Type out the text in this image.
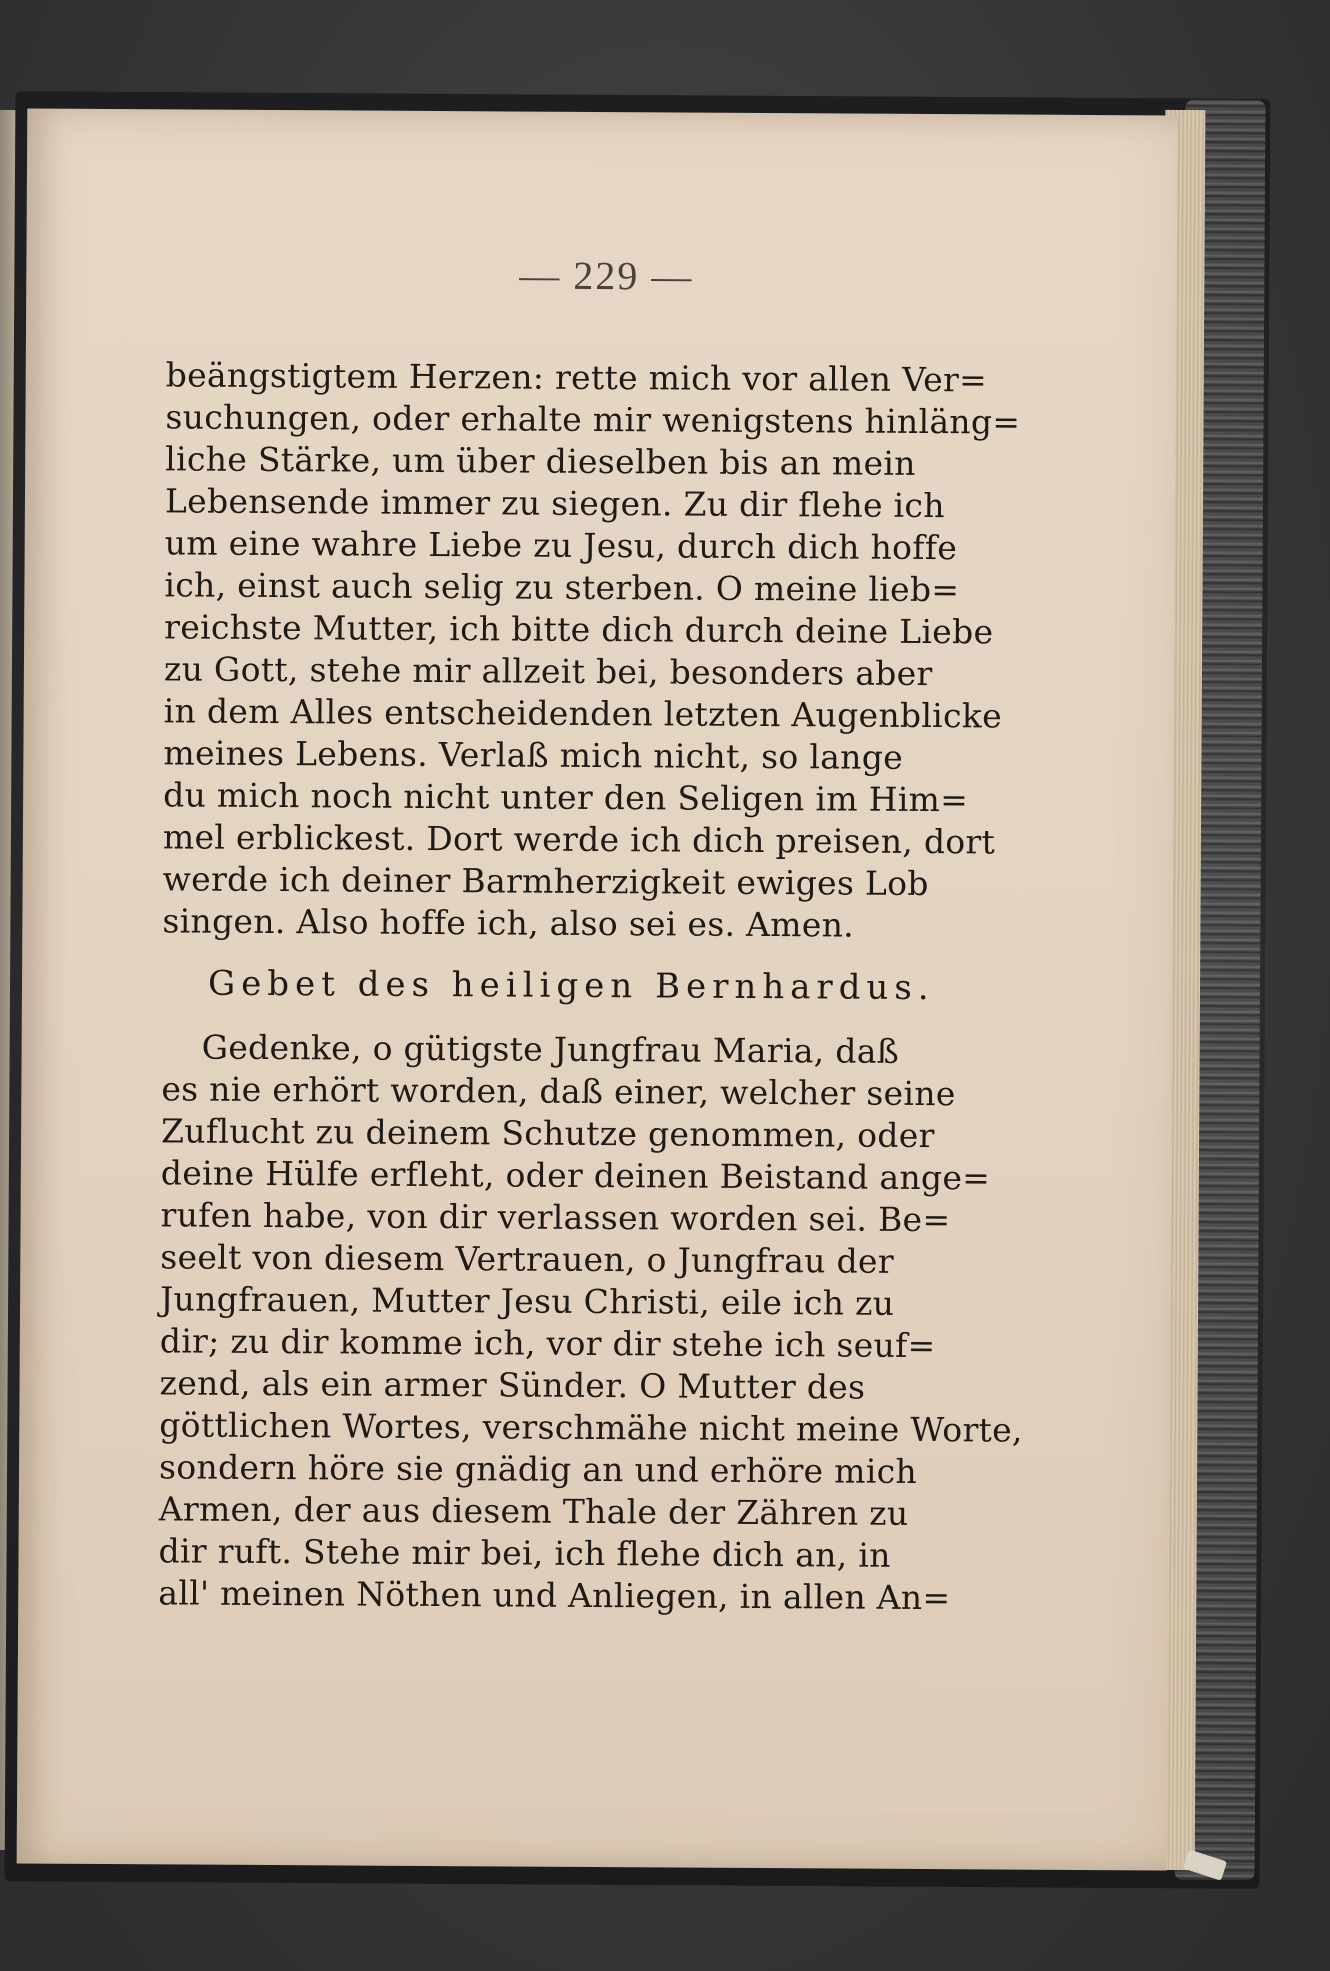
— 229 —

beängstigtem Herzen: rette mich vor allen Ver=
suchungen, oder erhalte mir wenigstens hinläng=
liche Stärke, um über dieselben bis an mein
Lebensende immer zu siegen. Zu dir flehe ich
um eine wahre Liebe zu Jesu, durch dich hoffe
ich, einst auch selig zu sterben. O meine lieb=
reichste Mutter, ich bitte dich durch deine Liebe
zu Gott, stehe mir allzeit bei, besonders aber
in dem Alles entscheidenden letzten Augenblicke
meines Lebens. Verlaß mich nicht, so lange
du mich noch nicht unter den Seligen im Him=
mel erblickest. Dort werde ich dich preisen, dort
werde ich deiner Barmherzigkeit ewiges Lob
singen. Also hoffe ich, also sei es. Amen.
Gebet des heiligen Bernhardus.
Gedenke, o gütigste Jungfrau Maria, daß
es nie erhört worden, daß einer, welcher seine
Zuflucht zu deinem Schutze genommen, oder
deine Hülfe erfleht, oder deinen Beistand ange=
rufen habe, von dir verlassen worden sei. Be=
seelt von diesem Vertrauen, o Jungfrau der
Jungfrauen, Mutter Jesu Christi, eile ich zu
dir; zu dir komme ich, vor dir stehe ich seuf=
zend, als ein armer Sünder. O Mutter des
göttlichen Wortes, verschmähe nicht meine Worte,
sondern höre sie gnädig an und erhöre mich
Armen, der aus diesem Thale der Zähren zu
dir ruft. Stehe mir bei, ich flehe dich an, in
all' meinen Nöthen und Anliegen, in allen An=
